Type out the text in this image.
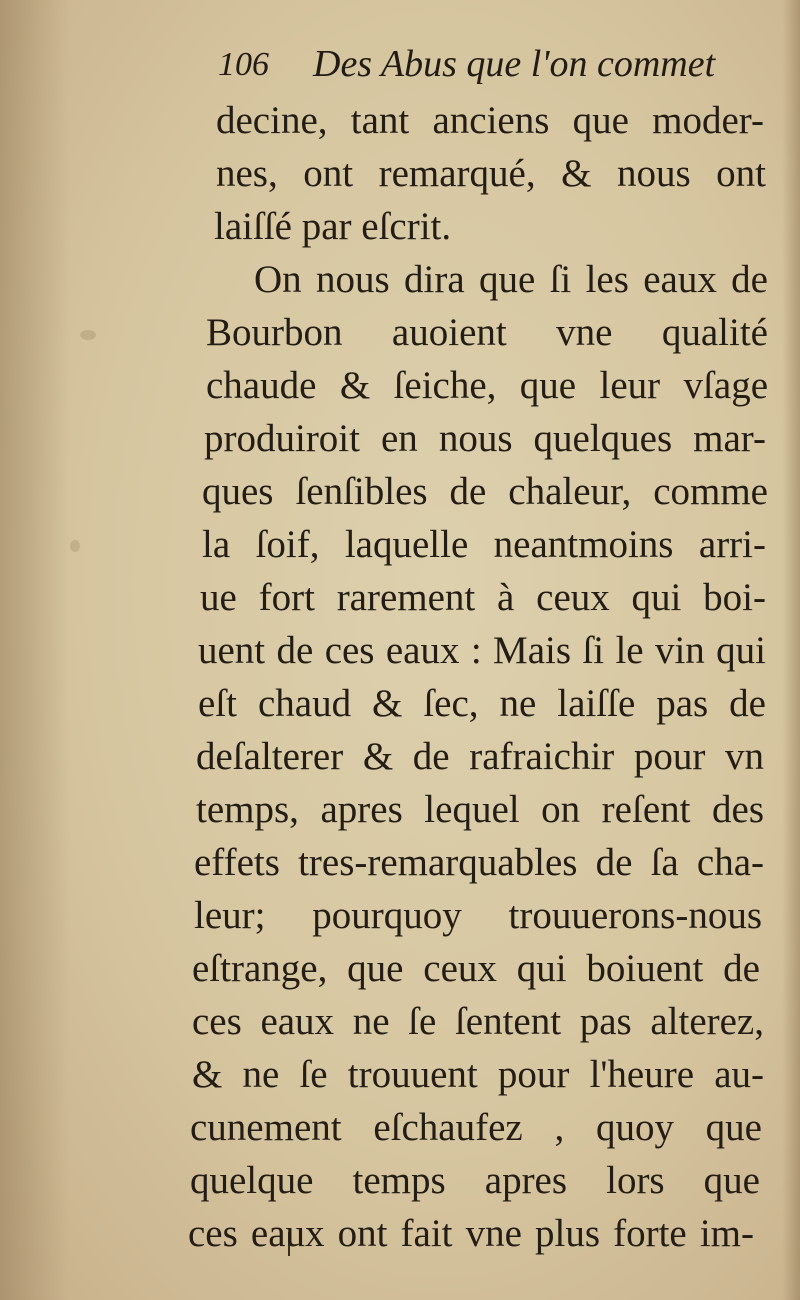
106 Des Abus que l'on commet
decine, tant anciens que moder-
nes, ont remarqué, & nous ont
laiſſé par eſcrit.
On nous dira que ſi les eaux de
Bourbon auoient vne qualité
chaude & ſeiche, que leur vſage
produiroit en nous quelques mar-
ques ſenſibles de chaleur, comme
la ſoif, laquelle neantmoins arri-
ue fort rarement à ceux qui boi-
uent de ces eaux : Mais ſi le vin qui
eſt chaud & ſec, ne laiſſe pas de
deſalterer & de rafraichir pour vn
temps, apres lequel on reſent des
effets tres-remarquables de ſa cha-
leur; pourquoy trouuerons-nous
eſtrange, que ceux qui boiuent de
ces eaux ne ſe ſentent pas alterez,
& ne ſe trouuent pour l'heure au-
cunement eſchaufez , quoy que
quelque temps apres lors que
ces eaux ont fait vne plus forte im-
